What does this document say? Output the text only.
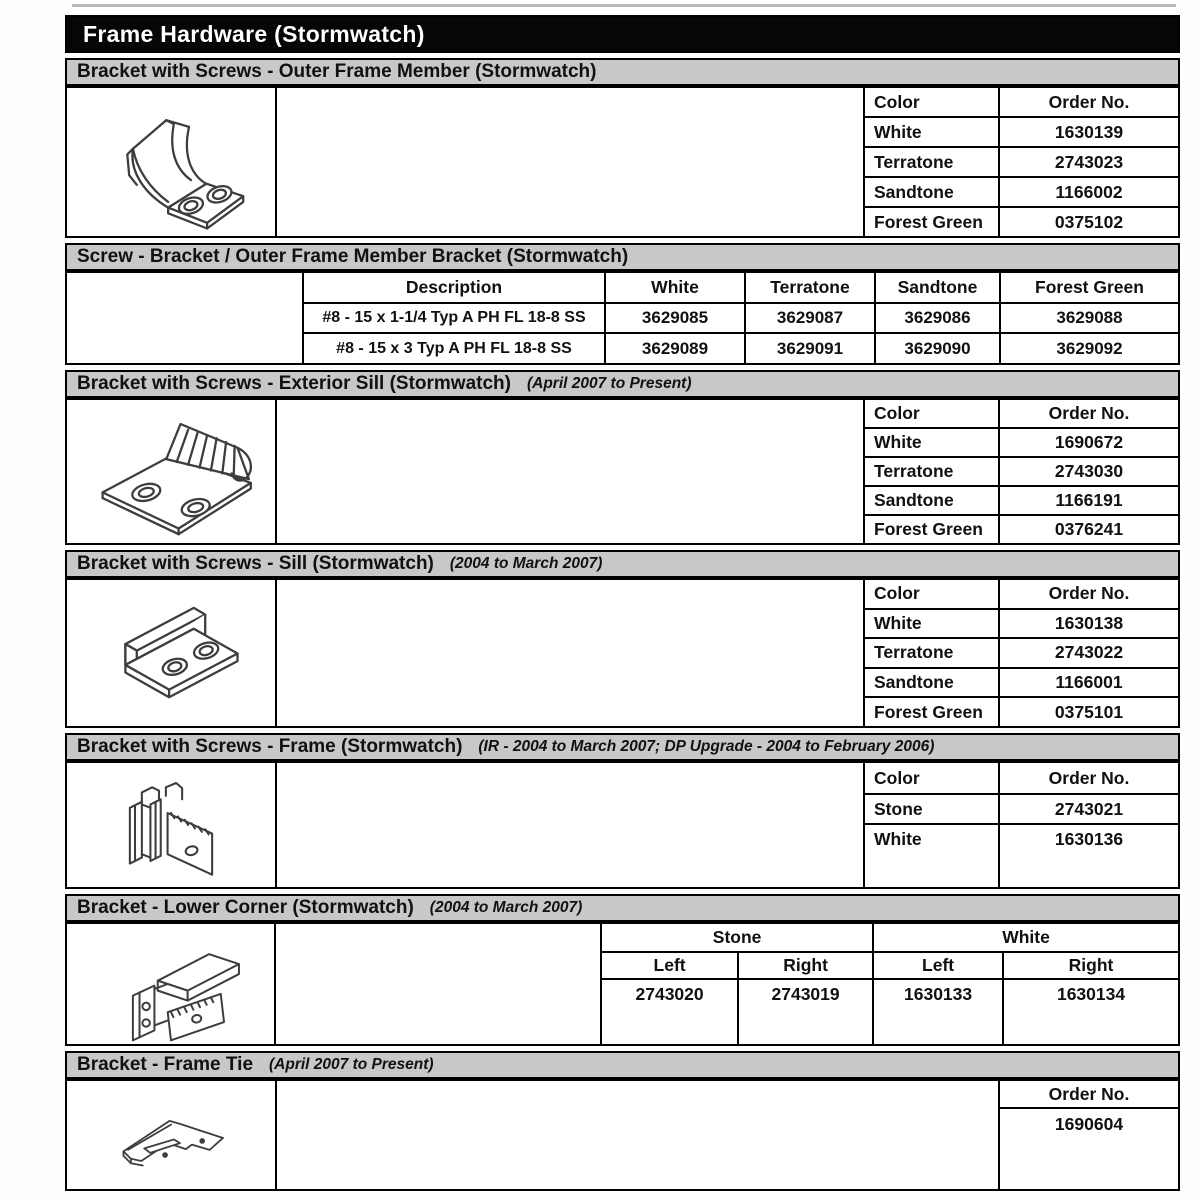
Frame Hardware (Stormwatch)
Bracket with Screws - Outer Frame Member (Stormwatch)
Color	Order No.
White	1630139
Terratone	2743023
Sandtone	1166002
Forest Green	0375102
Screw - Bracket / Outer Frame Member Bracket (Stormwatch)
Description	White	Terratone	Sandtone	Forest Green
#8 - 15 x 1-1/4 Typ A PH FL 18-8 SS	3629085	3629087	3629086	3629088
#8 - 15 x 3 Typ A PH FL 18-8 SS	3629089	3629091	3629090	3629092
Bracket with Screws - Exterior Sill (Stormwatch) (April 2007 to Present)
Color	Order No.
White	1690672
Terratone	2743030
Sandtone	1166191
Forest Green	0376241
Bracket with Screws - Sill (Stormwatch) (2004 to March 2007)
Color	Order No.
White	1630138
Terratone	2743022
Sandtone	1166001
Forest Green	0375101
Bracket with Screws - Frame (Stormwatch) (IR - 2004 to March 2007; DP Upgrade - 2004 to February 2006)
Color	Order No.
Stone	2743021
White	1630136
Bracket - Lower Corner (Stormwatch) (2004 to March 2007)
Stone	White
Left	Right	Left	Right
2743020	2743019	1630133	1630134
Bracket - Frame Tie (April 2007 to Present)
Order No.
1690604
